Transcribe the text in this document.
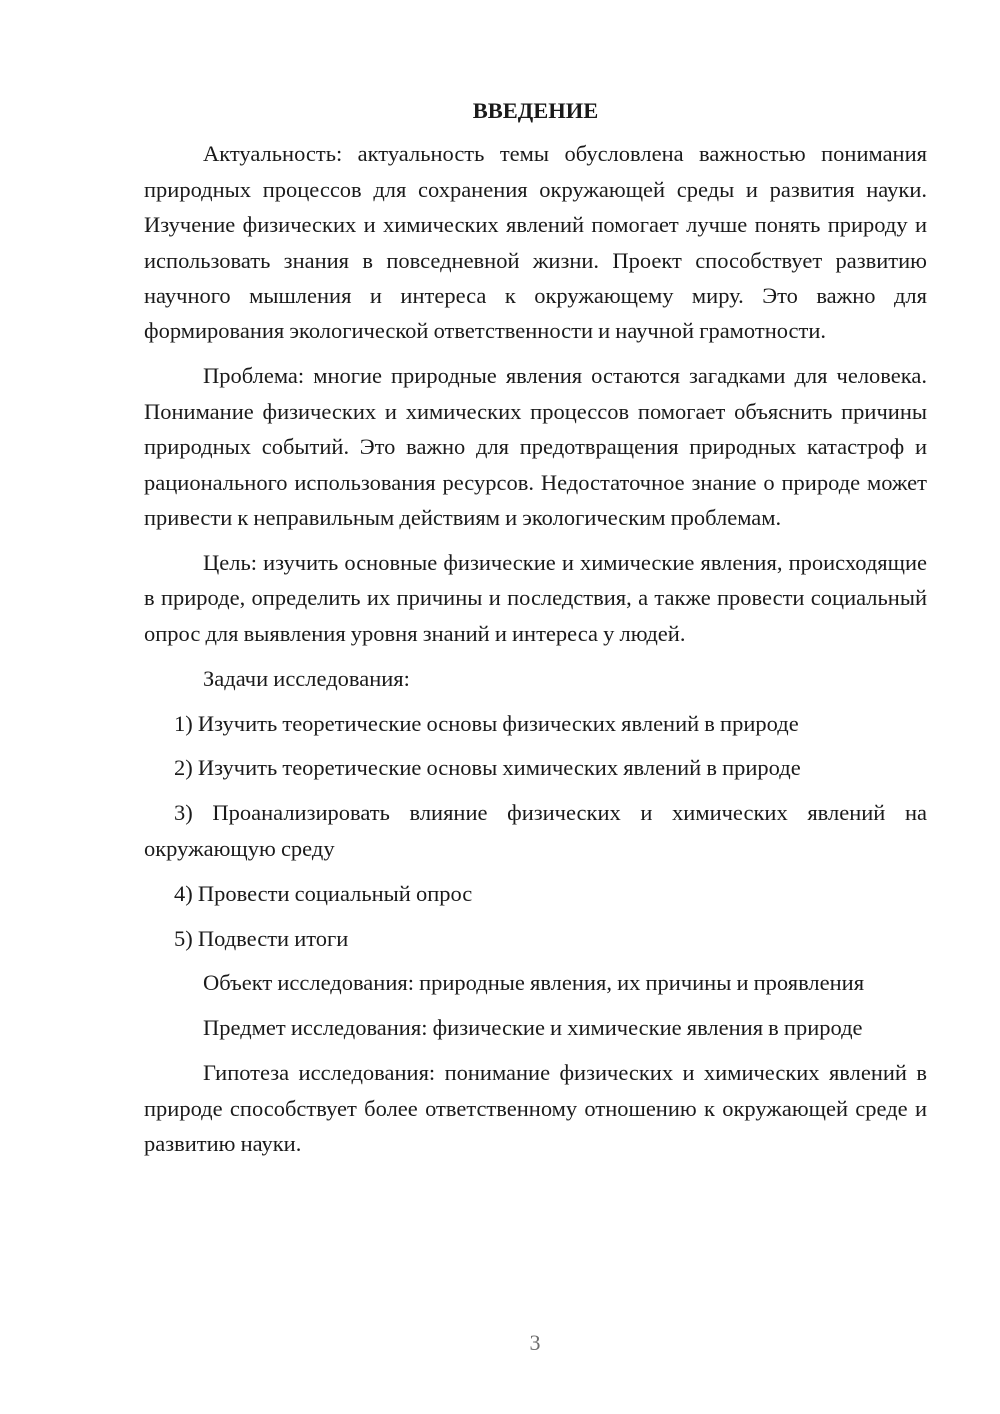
ВВЕДЕНИЕ

Актуальность: актуальность темы обусловлена важностью понимания природных процессов для сохранения окружающей среды и развития науки. Изучение физических и химических явлений помогает лучше понять природу и использовать знания в повседневной жизни. Проект способствует развитию научного мышления и интереса к окружающему миру. Это важно для формирования экологической ответственности и научной грамотности.

Проблема: многие природные явления остаются загадками для человека. Понимание физических и химических процессов помогает объяснить причины природных событий. Это важно для предотвращения природных катастроф и рационального использования ресурсов. Недостаточное знание о природе может привести к неправильным действиям и экологическим проблемам.

Цель: изучить основные физические и химические явления, происходящие в природе, определить их причины и последствия, а также провести социальный опрос для выявления уровня знаний и интереса у людей.

Задачи исследования:

1) Изучить теоретические основы физических явлений в природе

2) Изучить теоретические основы химических явлений в природе

3) Проанализировать влияние физических и химических явлений на окружающую среду

4) Провести социальный опрос

5) Подвести итоги

Объект исследования: природные явления, их причины и проявления

Предмет исследования: физические и химические явления в природе

Гипотеза исследования: понимание физических и химических явлений в природе способствует более ответственному отношению к окружающей среде и развитию науки.

3
